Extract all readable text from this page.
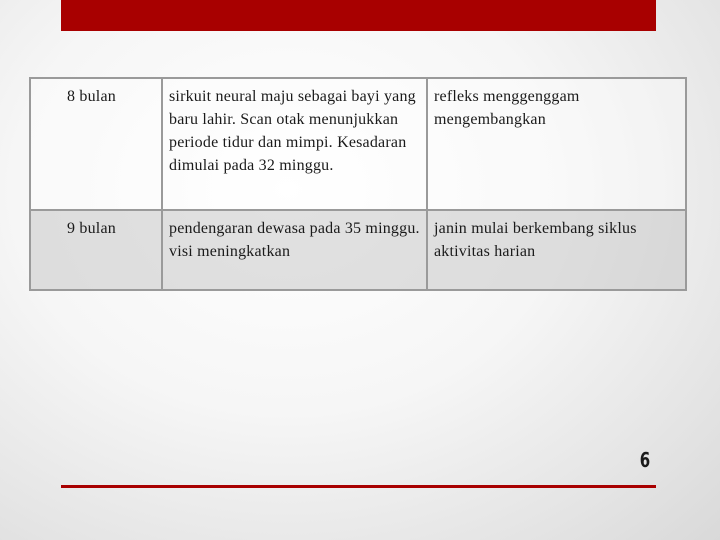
8 bulan	sirkuit neural maju sebagai bayi yang baru lahir. Scan otak menunjukkan periode tidur dan mimpi. Kesadaran dimulai pada 32 minggu.	refleks menggenggam mengembangkan
9 bulan	pendengaran dewasa pada 35 minggu. visi meningkatkan	janin mulai berkembang siklus aktivitas harian
6
